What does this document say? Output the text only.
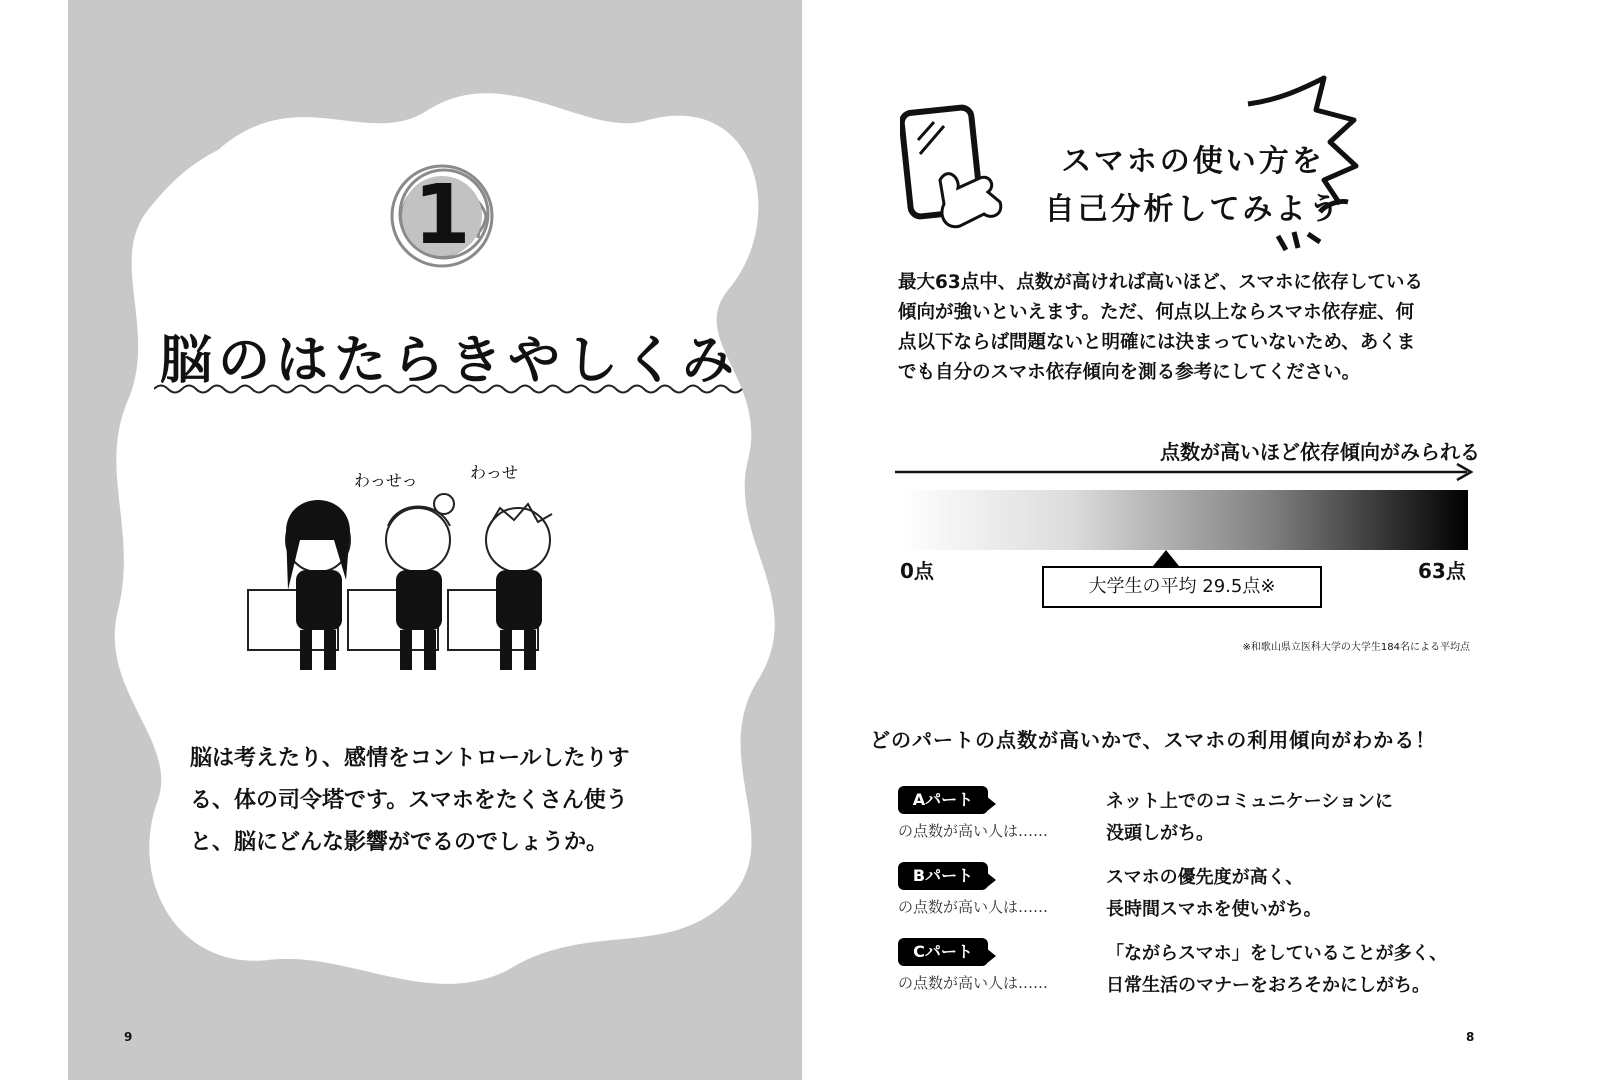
1
脳のはたらきやしくみ
わっせっ	わっせ
脳は考えたり、感情をコントロールしたりす
る、体の司令塔です。スマホをたくさん使う
と、脳にどんな影響がでるのでしょうか。
9
スマホの使い方を
自己分析してみよう
最大63点中、点数が高ければ高いほど、スマホに依存している
傾向が強いといえます。ただ、何点以上ならスマホ依存症、何
点以下ならば問題ないと明確には決まっていないため、あくま
でも自分のスマホ依存傾向を測る参考にしてください。
点数が高いほど依存傾向がみられる
0点	63点
大学生の平均 29.5点※
※和歌山県立医科大学の大学生184名による平均点
どのパートの点数が高いかで、スマホの利用傾向がわかる！
Aパート
の点数が高い人は……
ネット上でのコミュニケーションに
没頭しがち。
Bパート
の点数が高い人は……
スマホの優先度が高く、
長時間スマホを使いがち。
Cパート
の点数が高い人は……
「ながらスマホ」をしていることが多く、
日常生活のマナーをおろそかにしがち。
8
